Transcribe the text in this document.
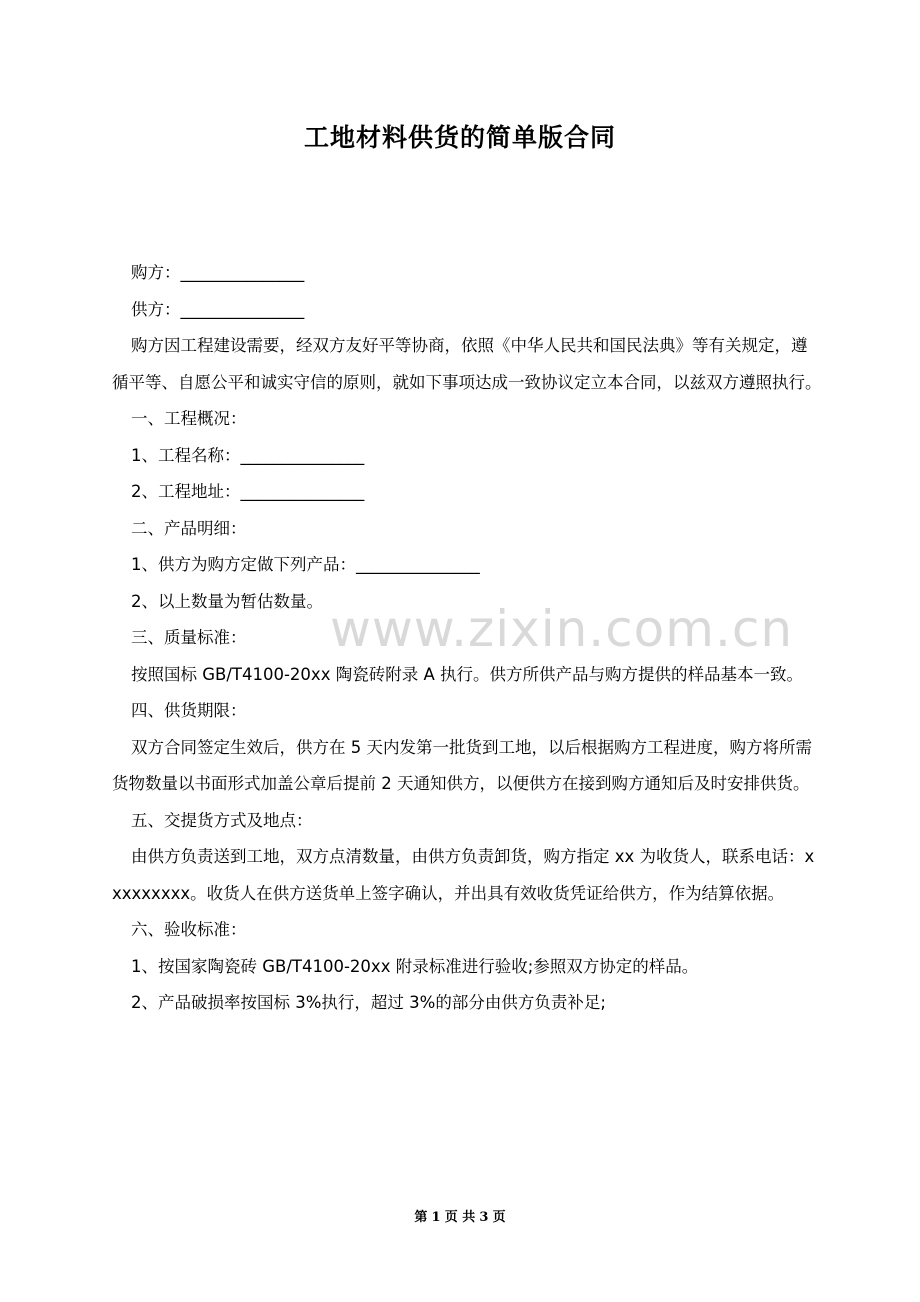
工地材料供货的简单版合同

购方：_______________

供方：_______________

购方因工程建设需要，经双方友好平等协商，依照《中华人民共和国民法典》等有关规定，遵循平等、自愿公平和诚实守信的原则，就如下事项达成一致协议定立本合同，以兹双方遵照执行。

一、工程概况：

1、工程名称：_______________

2、工程地址：_______________

二、产品明细：

1、供方为购方定做下列产品：_______________

2、以上数量为暂估数量。

三、质量标准：

按照国标 GB/T4100-20xx 陶瓷砖附录 A 执行。供方所供产品与购方提供的样品基本一致。

四、供货期限：

双方合同签定生效后，供方在 5 天内发第一批货到工地，以后根据购方工程进度，购方将所需货物数量以书面形式加盖公章后提前 2 天通知供方，以便供方在接到购方通知后及时安排供货。

五、交提货方式及地点：

由供方负责送到工地，双方点清数量，由供方负责卸货，购方指定 xx 为收货人，联系电话：xxxxxxxxx。收货人在供方送货单上签字确认，并出具有效收货凭证给供方，作为结算依据。

六、验收标准：

1、按国家陶瓷砖 GB/T4100-20xx 附录标准进行验收;参照双方协定的样品。

2、产品破损率按国标 3%执行，超过 3%的部分由供方负责补足;

www.zixin.com.cn
第 1 页 共 3 页
